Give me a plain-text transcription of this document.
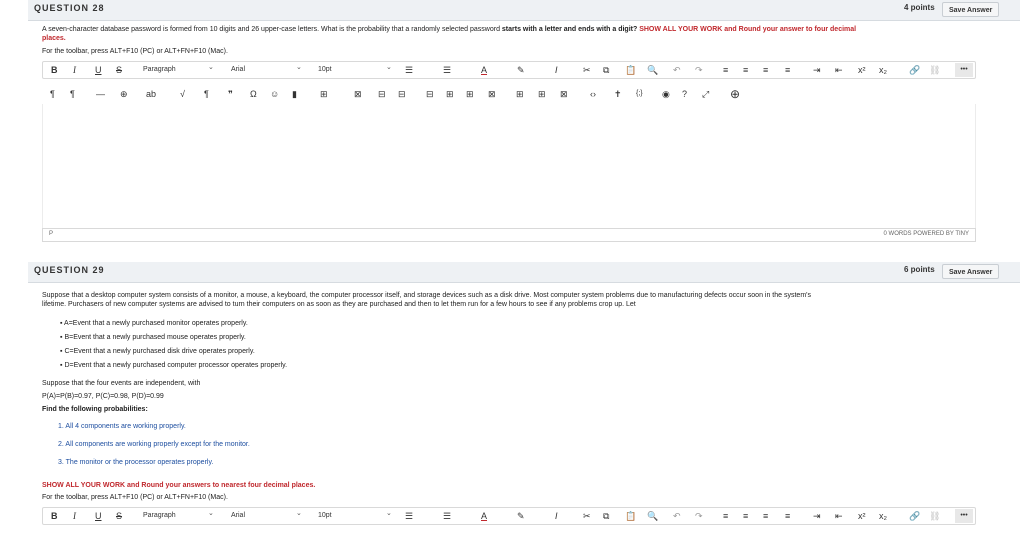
QUESTION 28	4 points	Save Answer
A seven-character database password is formed from 10 digits and 26 upper-case letters. What is the probability that a randomly selected password starts with a letter and ends with a digit? SHOW ALL YOUR WORK and Round your answer to four decimal
places.
For the toolbar, press ALT+F10 (PC) or ALT+FN+F10 (Mac).
B I U S	Paragraph	⌄ Arial	⌄ 10pt	⌄ ☰	☰	A	✎	I	✂ ⧉ 📋 🔍 ↶ ↷ ≡ ≡ ≡ ≡	⇥ ⇤ x² x₂ 🔗 ⛓	•••
¶ ¶ — ⊕ ab	√ ¶ ❞ Ω ☺ ▮	⊞	⊠ ⊟ ⊟ ⊟ ⊞ ⊞ ⊠ ⊞ ⊞ ⊠ ‹› ✝ {;} ◉ ? ⤢ ⊕
P	0 WORDS POWERED BY TINY
QUESTION 29	6 points	Save Answer
Suppose that a desktop computer system consists of a monitor, a mouse, a keyboard, the computer processor itself, and storage devices such as a disk drive. Most computer system problems due to manufacturing defects occur soon in the system's
lifetime. Purchasers of new computer systems are advised to turn their computers on as soon as they are purchased and then to let them run for a few hours to see if any problems crop up. Let
▪ A=Event that a newly purchased monitor operates properly.
▪ B=Event that a newly purchased mouse operates properly.
▪ C=Event that a newly purchased disk drive operates properly.
▪ D=Event that a newly purchased computer processor operates properly.
Suppose that the four events are independent, with
P(A)=P(B)=0.97, P(C)=0.98, P(D)=0.99
Find the following probabilities:
1. All 4 components are working properly.
2. All components are working properly except for the monitor.
3. The monitor or the processor operates properly.
SHOW ALL YOUR WORK and Round your answers to nearest four decimal places.
For the toolbar, press ALT+F10 (PC) or ALT+FN+F10 (Mac).
B I U S	Paragraph	⌄ Arial	⌄ 10pt	⌄ ☰	☰	A	✎	I	✂ ⧉ 📋 🔍 ↶ ↷ ≡ ≡ ≡ ≡	⇥ ⇤ x² x₂ 🔗 ⛓	•••
